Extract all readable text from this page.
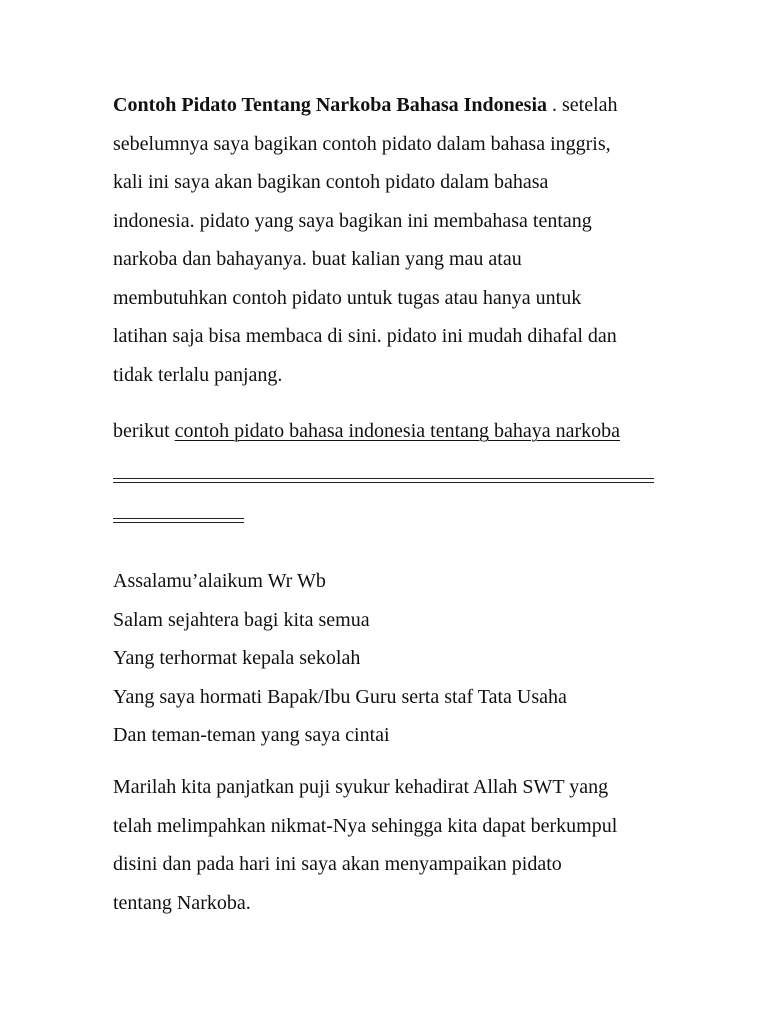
Contoh Pidato Tentang Narkoba Bahasa Indonesia . setelah

sebelumnya saya bagikan contoh pidato dalam bahasa inggris,

kali ini saya akan bagikan contoh pidato dalam bahasa

indonesia. pidato yang saya bagikan ini membahasa tentang

narkoba dan bahayanya. buat kalian yang mau atau

membutuhkan contoh pidato untuk tugas atau hanya untuk

latihan saja bisa membaca di sini. pidato ini mudah dihafal dan

tidak terlalu panjang.

berikut contoh pidato bahasa indonesia tentang bahaya narkoba

Assalamu’alaikum Wr Wb

Salam sejahtera bagi kita semua

Yang terhormat kepala sekolah

Yang saya hormati Bapak/Ibu Guru serta staf Tata Usaha

Dan teman-teman yang saya cintai

Marilah kita panjatkan puji syukur kehadirat Allah SWT yang

telah melimpahkan nikmat-Nya sehingga kita dapat berkumpul

disini dan pada hari ini saya akan menyampaikan pidato

tentang Narkoba.
